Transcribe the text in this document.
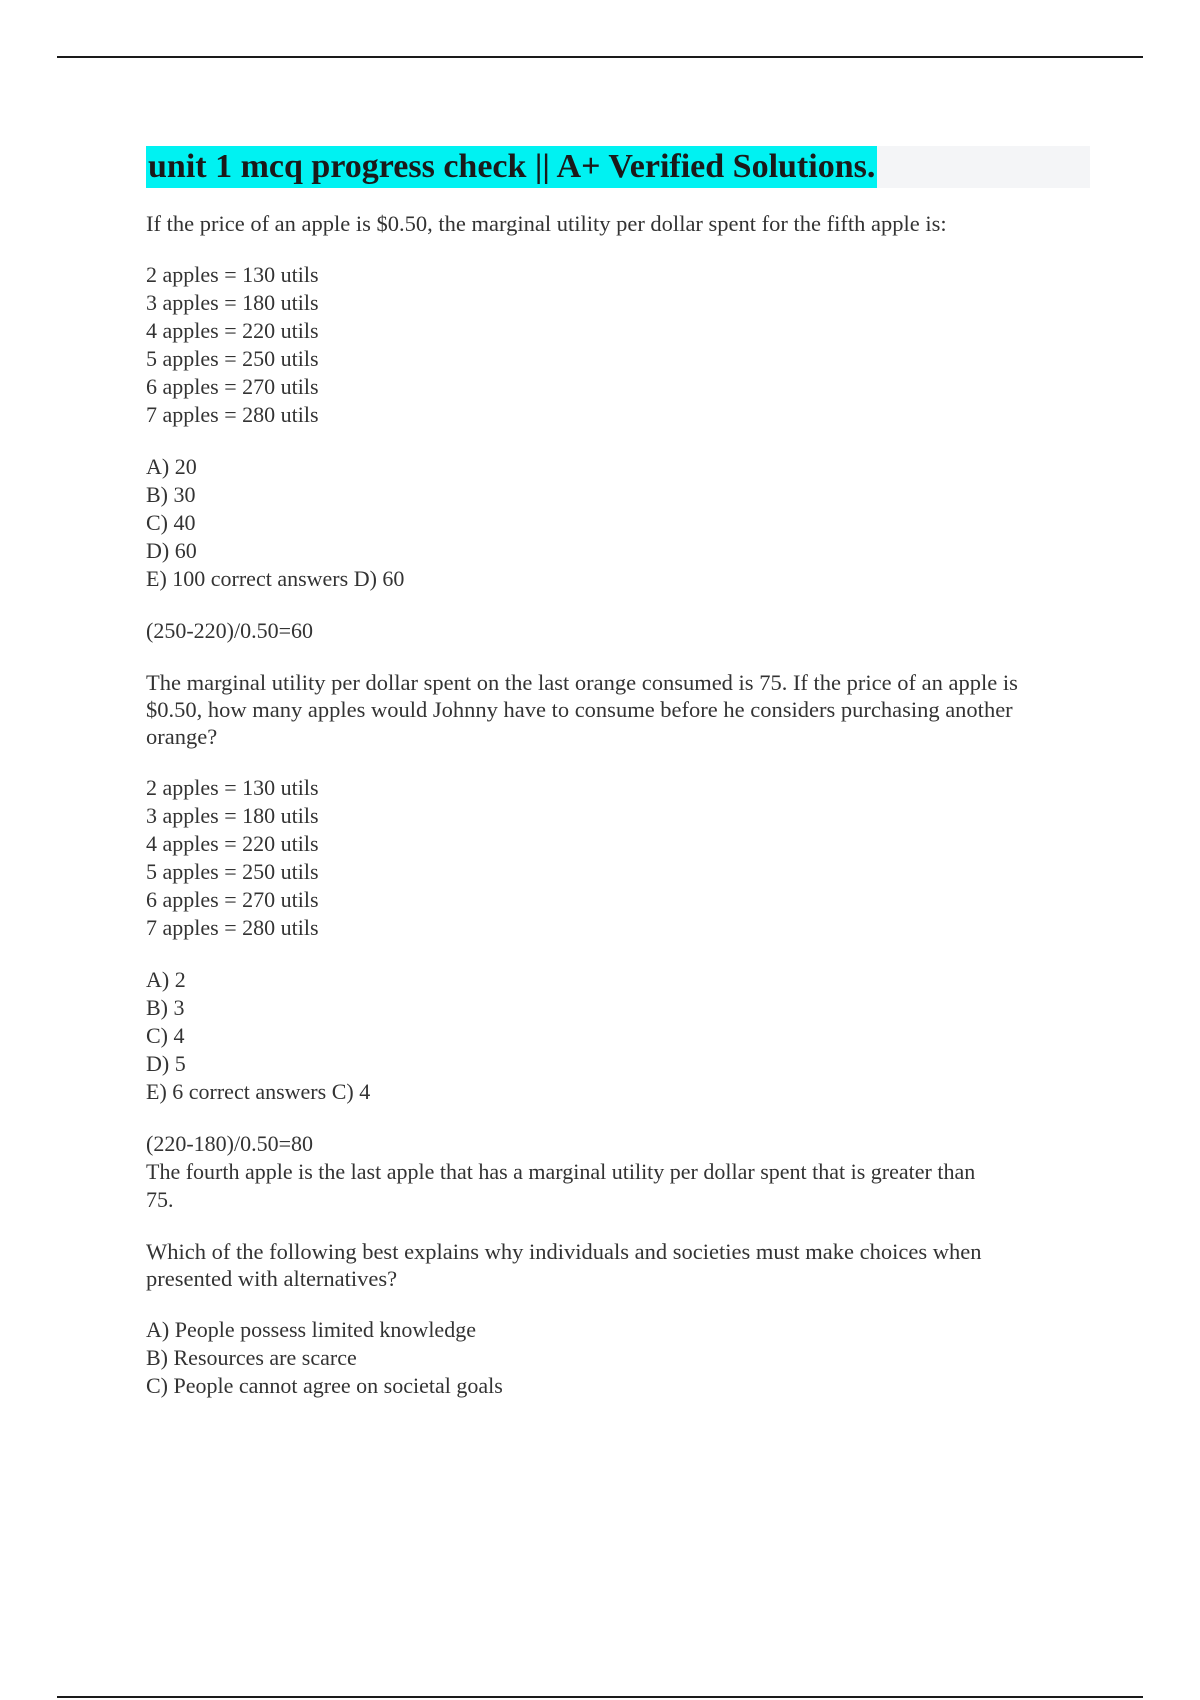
unit 1 mcq progress check || A+ Verified Solutions.

If the price of an apple is $0.50, the marginal utility per dollar spent for the fifth apple is:

2 apples = 130 utils

3 apples = 180 utils

4 apples = 220 utils

5 apples = 250 utils

6 apples = 270 utils

7 apples = 280 utils

A) 20

B) 30

C) 40

D) 60

E) 100 correct answers D) 60

(250-220)/0.50=60

The marginal utility per dollar spent on the last orange consumed is 75. If the price of an apple is

$0.50, how many apples would Johnny have to consume before he considers purchasing another

orange?

2 apples = 130 utils

3 apples = 180 utils

4 apples = 220 utils

5 apples = 250 utils

6 apples = 270 utils

7 apples = 280 utils

A) 2

B) 3

C) 4

D) 5

E) 6 correct answers C) 4

(220-180)/0.50=80

The fourth apple is the last apple that has a marginal utility per dollar spent that is greater than

75.

Which of the following best explains why individuals and societies must make choices when

presented with alternatives?

A) People possess limited knowledge

B) Resources are scarce

C) People cannot agree on societal goals
